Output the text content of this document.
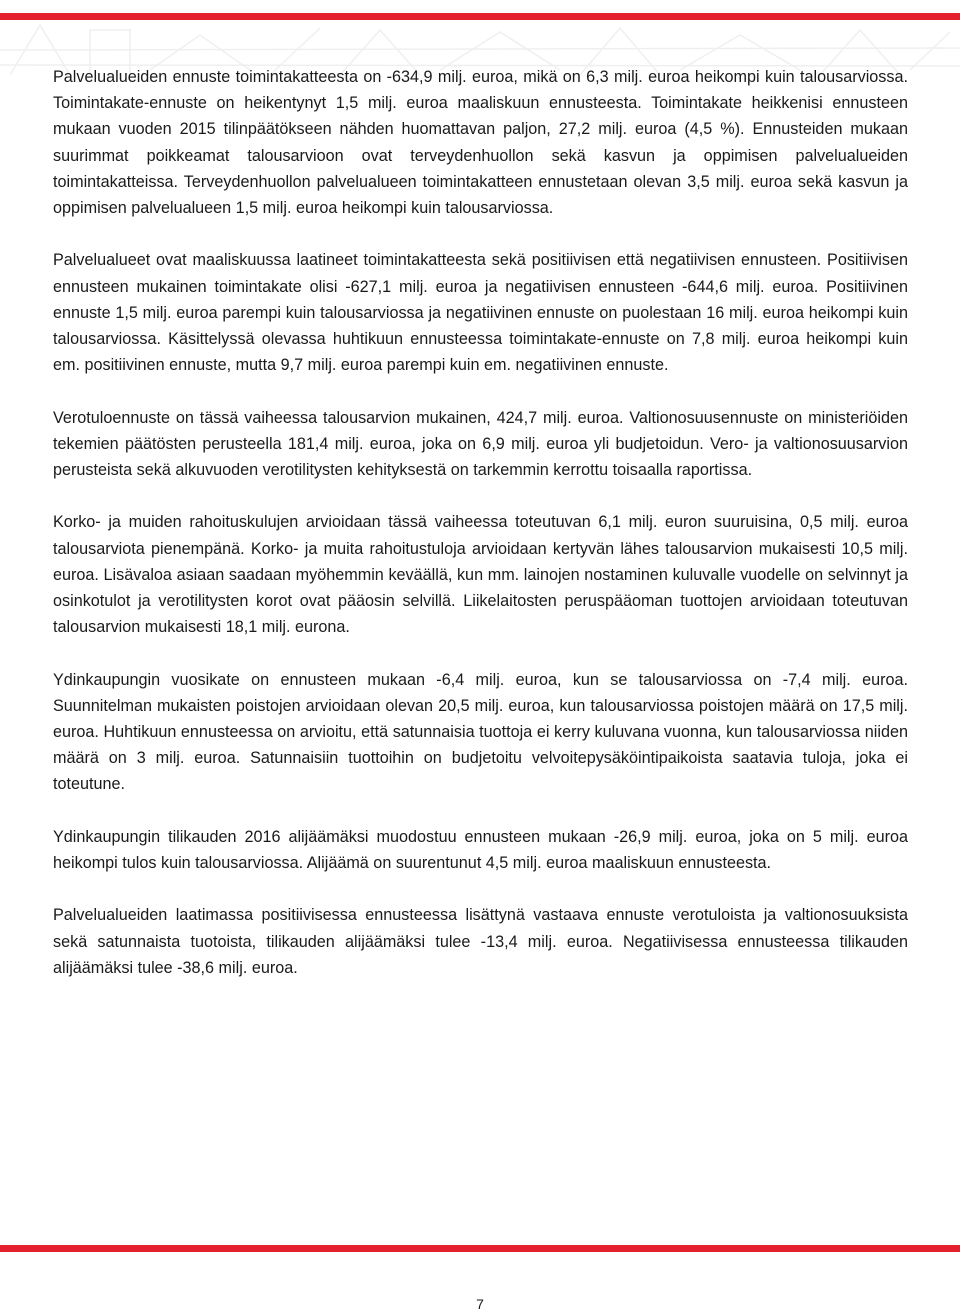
Palvelualueiden ennuste toimintakatteesta on -634,9 milj. euroa, mikä on 6,3 milj. euroa heikompi kuin talousarviossa. Toimintakate-ennuste on heikentynyt 1,5 milj. euroa maaliskuun ennusteesta. Toimintakate heikkenisi ennusteen mukaan vuoden 2015 tilinpäätökseen nähden huomattavan paljon, 27,2 milj. euroa (4,5 %). Ennusteiden mukaan suurimmat poikkeamat talousarvioon ovat terveydenhuollon sekä kasvun ja oppimisen palvelualueiden toimintakatteissa. Terveydenhuollon palvelualueen toimintakatteen ennustetaan olevan 3,5 milj. euroa sekä kasvun ja oppimisen palvelualueen 1,5 milj. euroa heikompi kuin talousarviossa.

Palvelualueet ovat maaliskuussa laatineet toimintakatteesta sekä positiivisen että negatiivisen ennusteen. Positiivisen ennusteen mukainen toimintakate olisi -627,1 milj. euroa ja negatiivisen ennusteen -644,6 milj. euroa. Positiivinen ennuste 1,5 milj. euroa parempi kuin talousarviossa ja negatiivinen ennuste on puolestaan 16 milj. euroa heikompi kuin talousarviossa. Käsittelyssä olevassa huhtikuun ennusteessa toimintakate-ennuste on 7,8 milj. euroa heikompi kuin em. positiivinen ennuste, mutta 9,7 milj. euroa parempi kuin em. negatiivinen ennuste.

Verotuloennuste on tässä vaiheessa talousarvion mukainen, 424,7 milj. euroa. Valtionosuusennuste on ministeriöiden tekemien päätösten perusteella 181,4 milj. euroa, joka on 6,9 milj. euroa yli budjetoidun. Vero- ja valtionosuusarvion perusteista sekä alkuvuoden verotilitysten kehityksestä on tarkemmin kerrottu toisaalla raportissa.

Korko- ja muiden rahoituskulujen arvioidaan tässä vaiheessa toteutuvan 6,1 milj. euron suuruisina, 0,5 milj. euroa talousarviota pienempänä. Korko- ja muita rahoitustuloja arvioidaan kertyvän lähes talousarvion mukaisesti 10,5 milj. euroa. Lisävaloa asiaan saadaan myöhemmin keväällä, kun mm. lainojen nostaminen kuluvalle vuodelle on selvinnyt ja osinkotulot ja verotilitysten korot ovat pääosin selvillä. Liikelaitosten peruspääoman tuottojen arvioidaan toteutuvan talousarvion mukaisesti 18,1 milj. eurona.

Ydinkaupungin vuosikate on ennusteen mukaan -6,4 milj. euroa, kun se talousarviossa on -7,4 milj. euroa. Suunnitelman mukaisten poistojen arvioidaan olevan 20,5 milj. euroa, kun talousarviossa poistojen määrä on 17,5 milj. euroa. Huhtikuun ennusteessa on arvioitu, että satunnaisia tuottoja ei kerry kuluvana vuonna, kun talousarviossa niiden määrä on 3 milj. euroa. Satunnaisiin tuottoihin on budjetoitu velvoitepysäköintipaikoista saatavia tuloja, joka ei toteutune.

Ydinkaupungin tilikauden 2016 alijäämäksi muodostuu ennusteen mukaan -26,9 milj. euroa, joka on 5 milj. euroa heikompi tulos kuin talousarviossa. Alijäämä on suurentunut 4,5 milj. euroa maaliskuun ennusteesta.

Palvelualueiden laatimassa positiivisessa ennusteessa lisättynä vastaava ennuste verotuloista ja valtionosuuksista sekä satunnaista tuotoista, tilikauden alijäämäksi tulee -13,4 milj. euroa. Negatiivisessa ennusteessa tilikauden alijäämäksi tulee -38,6 milj. euroa.

7
